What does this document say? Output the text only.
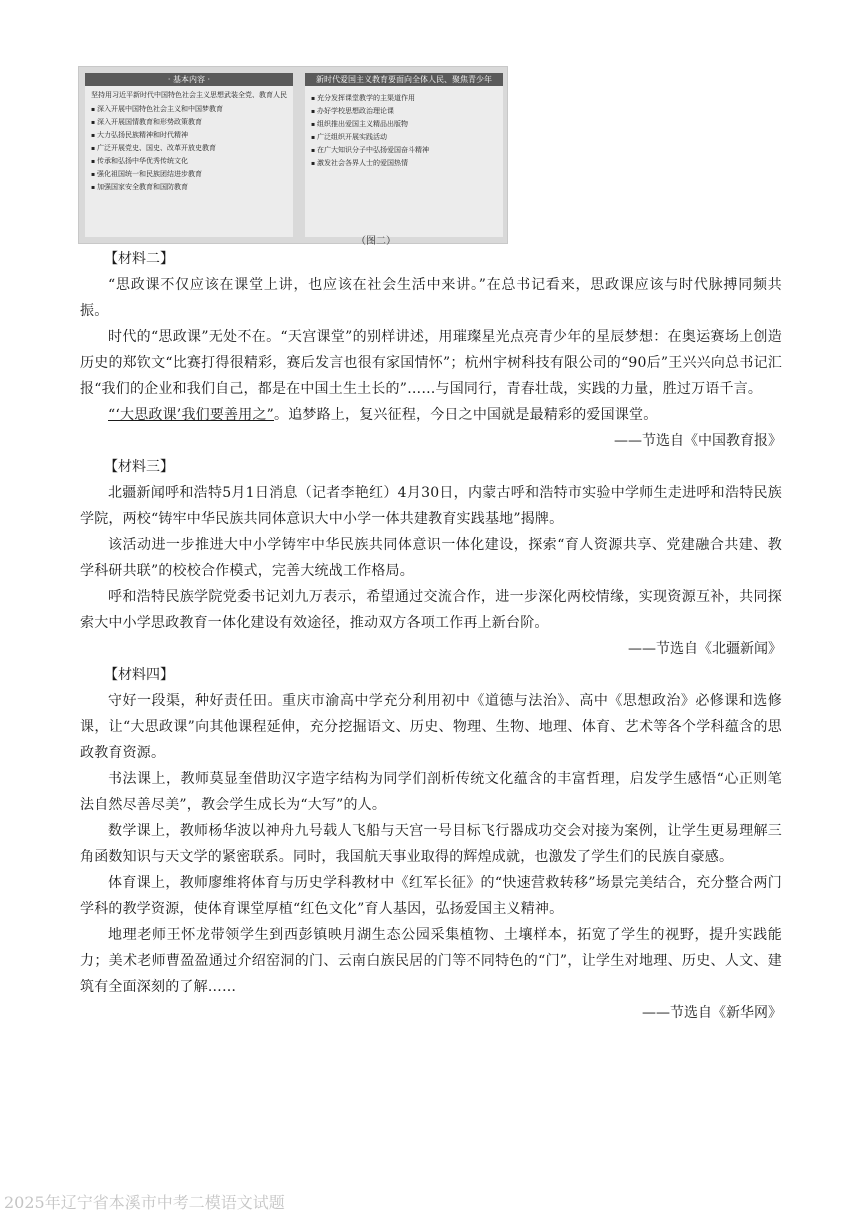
· 基本内容 ·
坚持用习近平新时代中国特色社会主义思想武装全党、教育人民
▪ 深入开展中国特色社会主义和中国梦教育
▪ 深入开展国情教育和形势政策教育
▪ 大力弘扬民族精神和时代精神
▪ 广泛开展党史、国史、改革开放史教育
▪ 传承和弘扬中华优秀传统文化
▪ 强化祖国统一和民族团结进步教育
▪ 加强国家安全教育和国防教育
新时代爱国主义教育要面向全体人民、聚焦青少年
▪ 充分发挥课堂教学的主渠道作用
▪ 办好学校思想政治理论课
▪ 组织推出爱国主义精品出版物
▪ 广泛组织开展实践活动
▪ 在广大知识分子中弘扬爱国奋斗精神
▪ 激发社会各界人士的爱国热情
（图二）

【材料二】

“思政课不仅应该在课堂上讲，也应该在社会生活中来讲。”在总书记看来，思政课应该与时代脉搏同频共振。

时代的“思政课”无处不在。“天宫课堂”的别样讲述，用璀璨星光点亮青少年的星辰梦想：在奥运赛场上创造历史的郑钦文“比赛打得很精彩，赛后发言也很有家国情怀”；杭州宇树科技有限公司的“90后”王兴兴向总书记汇报“我们的企业和我们自己，都是在中国土生土长的”……与国同行，青春壮哉，实践的力量，胜过万语千言。

“‘大思政课’我们要善用之”。追梦路上，复兴征程，今日之中国就是最精彩的爱国课堂。

——节选自《中国教育报》

【材料三】

北疆新闻呼和浩特5月1日消息（记者李艳红）4月30日，内蒙古呼和浩特市实验中学师生走进呼和浩特民族学院，两校“铸牢中华民族共同体意识大中小学一体共建教育实践基地”揭牌。

该活动进一步推进大中小学铸牢中华民族共同体意识一体化建设，探索“育人资源共享、党建融合共建、教学科研共联”的校校合作模式，完善大统战工作格局。

呼和浩特民族学院党委书记刘九万表示，希望通过交流合作，进一步深化两校情缘，实现资源互补，共同探索大中小学思政教育一体化建设有效途径，推动双方各项工作再上新台阶。

——节选自《北疆新闻》

【材料四】

守好一段渠，种好责任田。重庆市渝高中学充分利用初中《道德与法治》、高中《思想政治》必修课和选修课，让“大思政课”向其他课程延伸，充分挖掘语文、历史、物理、生物、地理、体育、艺术等各个学科蕴含的思政教育资源。

书法课上，教师莫显奎借助汉字造字结构为同学们剖析传统文化蕴含的丰富哲理，启发学生感悟“心正则笔法自然尽善尽美”，教会学生成长为“大写”的人。

数学课上，教师杨华波以神舟九号载人飞船与天宫一号目标飞行器成功交会对接为案例，让学生更易理解三角函数知识与天文学的紧密联系。同时，我国航天事业取得的辉煌成就，也激发了学生们的民族自豪感。

体育课上，教师廖维将体育与历史学科教材中《红军长征》的“快速营救转移”场景完美结合，充分整合两门学科的教学资源，使体育课堂厚植“红色文化”育人基因，弘扬爱国主义精神。

地理老师王怀龙带领学生到西彭镇映月湖生态公园采集植物、土壤样本，拓宽了学生的视野，提升实践能力；美术老师曹盈盈通过介绍窑洞的门、云南白族民居的门等不同特色的“门”，让学生对地理、历史、人文、建筑有全面深刻的了解……

——节选自《新华网》

2025年辽宁省本溪市中考二模语文试题
